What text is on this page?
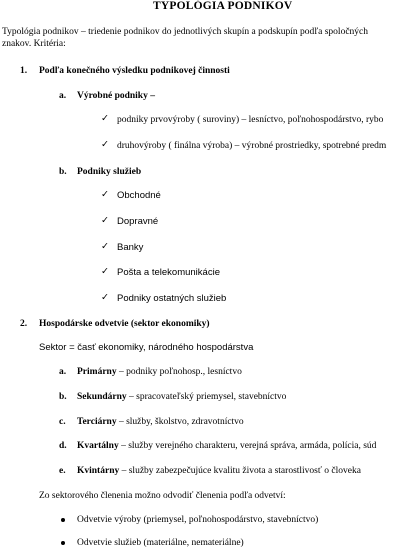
TYPOLÓGIA PODNIKOV
Typológia podnikov – triedenie podnikov do jednotlivých skupín a podskupín podľa spoločných
znakov. Kritéria:
1. Podľa konečného výsledku podnikovej činnosti
a. Výrobné podniky –
✓ podniky prvovýroby ( suroviny) – lesníctvo, poľnohospodárstvo, rybo
✓ druhovýroby ( finálna výroba) – výrobné prostriedky, spotrebné predm
b. Podniky služieb
✓ Obchodné
✓ Dopravné
✓ Banky
✓ Pošta a telekomunikácie
✓ Podniky ostatných služieb
2. Hospodárske odvetvie (sektor ekonomiky)
Sektor = časť ekonomiky, národného hospodárstva
a. Primárny – podniky poľnohosp., lesníctvo
b. Sekundárny – spracovateľský priemysel, stavebníctvo
c. Terciárny – služby, školstvo, zdravotníctvo
d. Kvartálny – služby verejného charakteru, verejná správa, armáda, polícia, súd
e. Kvintárny – služby zabezpečujúce kvalitu života a starostlivosť o človeka
Zo sektorového členenia možno odvodiť členenia podľa odvetví:
Odvetvie výroby (priemysel, poľnohospodárstvo, stavebníctvo)
Odvetvie služieb (materiálne, nemateriálne)
